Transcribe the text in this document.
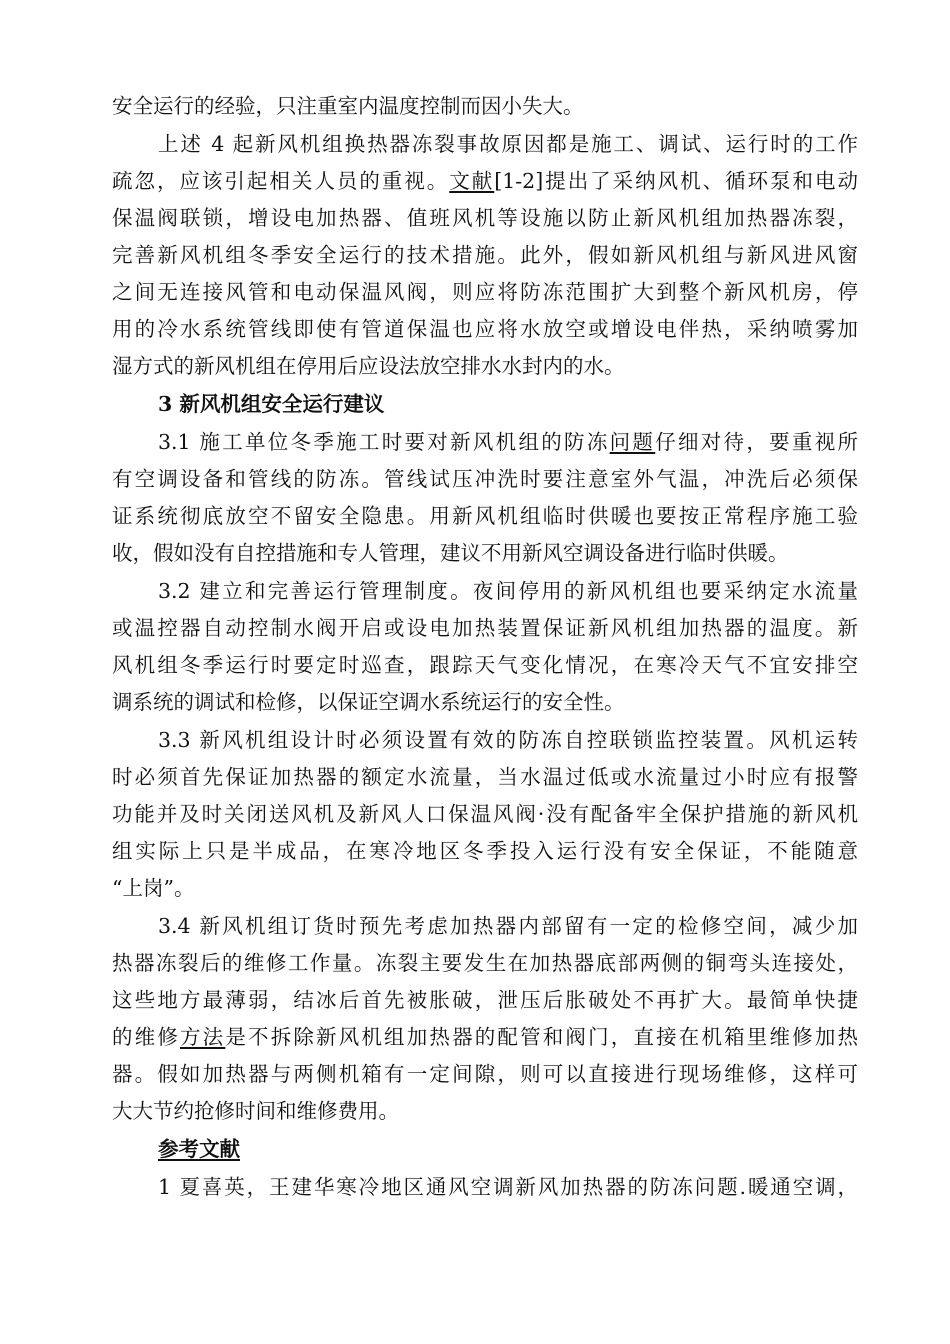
安全运行的经验，只注重室内温度控制而因小失大。
上述 4 起新风机组换热器冻裂事故原因都是施工、调试、运行时的工作
疏忽，应该引起相关人员的重视。文献[1-2]提出了采纳风机、循环泵和电动
保温阀联锁，增设电加热器、值班风机等设施以防止新风机组加热器冻裂，
完善新风机组冬季安全运行的技术措施。此外，假如新风机组与新风进风窗
之间无连接风管和电动保温风阀，则应将防冻范围扩大到整个新风机房，停
用的冷水系统管线即使有管道保温也应将水放空或增设电伴热，采纳喷雾加
湿方式的新风机组在停用后应设法放空排水水封内的水。
3 新风机组安全运行建议
3.1 施工单位冬季施工时要对新风机组的防冻问题仔细对待，要重视所
有空调设备和管线的防冻。管线试压冲洗时要注意室外气温，冲洗后必须保
证系统彻底放空不留安全隐患。用新风机组临时供暖也要按正常程序施工验
收，假如没有自控措施和专人管理，建议不用新风空调设备进行临时供暖。
3.2 建立和完善运行管理制度。夜间停用的新风机组也要采纳定水流量
或温控器自动控制水阀开启或设电加热装置保证新风机组加热器的温度。新
风机组冬季运行时要定时巡查，跟踪天气变化情况，在寒冷天气不宜安排空
调系统的调试和检修，以保证空调水系统运行的安全性。
3.3 新风机组设计时必须设置有效的防冻自控联锁监控装置。风机运转
时必须首先保证加热器的额定水流量，当水温过低或水流量过小时应有报警
功能并及时关闭送风机及新风人口保温风阀·没有配备牢全保护措施的新风机
组实际上只是半成品，在寒冷地区冬季投入运行没有安全保证，不能随意
“上岗”。
3.4 新风机组订货时预先考虑加热器内部留有一定的检修空间，减少加
热器冻裂后的维修工作量。冻裂主要发生在加热器底部两侧的铜弯头连接处，
这些地方最薄弱，结冰后首先被胀破，泄压后胀破处不再扩大。最简单快捷
的维修方法是不拆除新风机组加热器的配管和阀门，直接在机箱里维修加热
器。假如加热器与两侧机箱有一定间隙，则可以直接进行现场维修，这样可
大大节约抢修时间和维修费用。
参考文献
1 夏喜英，王建华寒冷地区通风空调新风加热器的防冻问题.暖通空调，
